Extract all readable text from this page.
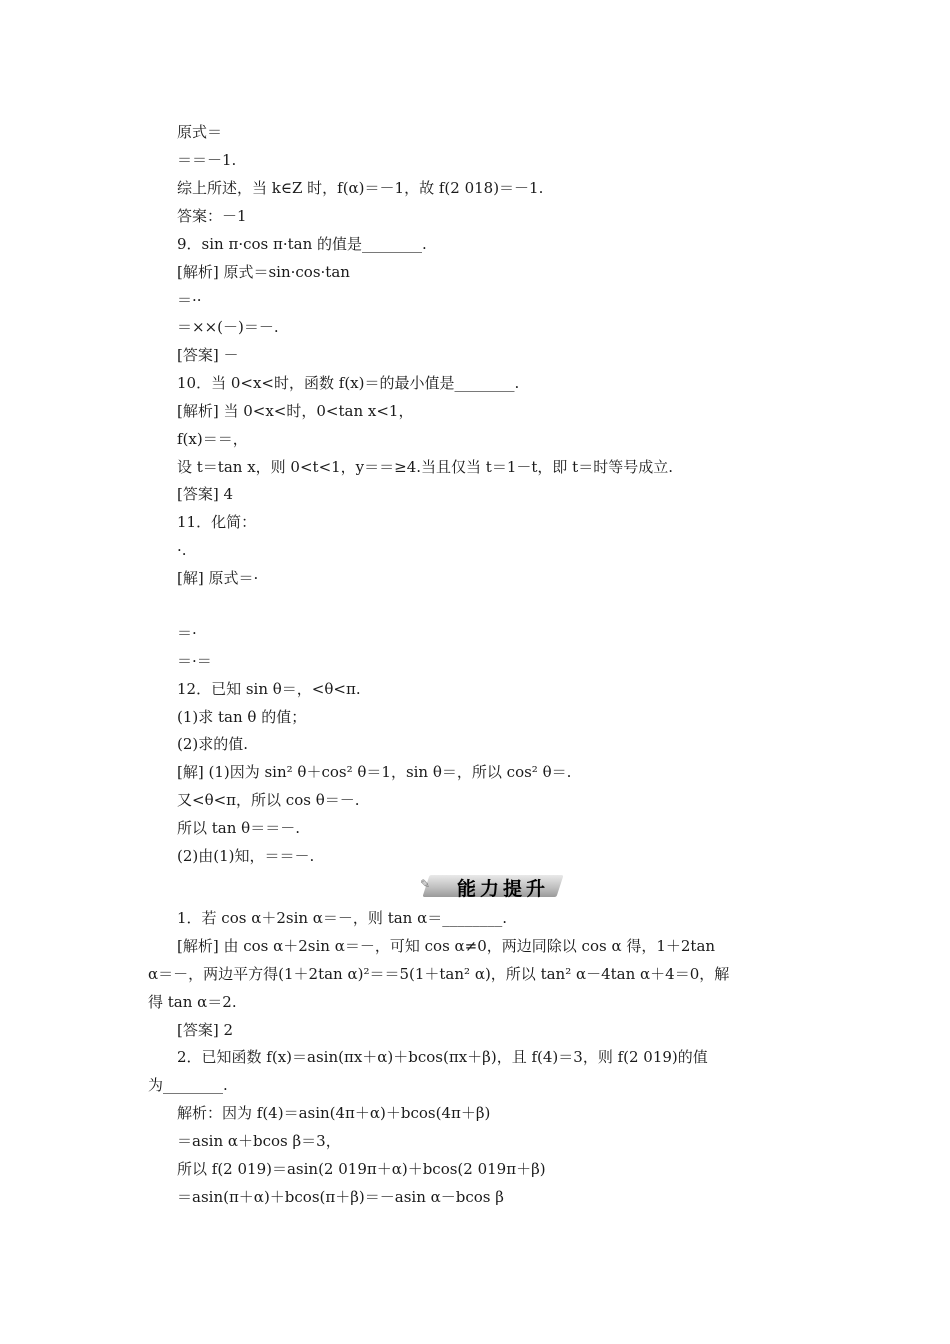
原式＝
＝＝－1.
综上所述，当 k∈Z 时，f(α)＝－1，故 f(2 018)＝－1.
答案：－1
9．sin π·cos π·tan 的值是________.
[解析] 原式＝sin·cos·tan
＝··
＝××(－)＝－.
[答案] －
10．当 0<x<时，函数 f(x)＝的最小值是________.
[解析] 当 0<x<时，0<tan x<1，
f(x)＝＝，
设 t＝tan x，则 0<t<1，y＝＝≥4.当且仅当 t＝1－t，即 t＝时等号成立.
[答案] 4
11．化简：
·.
[解] 原式＝·
＝·
＝·＝
12．已知 sin θ＝，<θ<π.
(1)求 tan θ 的值；
(2)求的值.
[解] (1)因为 sin² θ＋cos² θ＝1，sin θ＝，所以 cos² θ＝.
又<θ<π，所以 cos θ＝－.
所以 tan θ＝＝－.
(2)由(1)知，＝＝－.
✎	能力提升
1．若 cos α＋2sin α＝－，则 tan α＝________.
[解析] 由 cos α＋2sin α＝－，可知 cos α≠0，两边同除以 cos α 得，1＋2tan
α＝－，两边平方得(1＋2tan α)²＝＝5(1＋tan² α)，所以 tan² α－4tan α＋4＝0，解
得 tan α＝2.
[答案] 2
2．已知函数 f(x)＝asin(πx＋α)＋bcos(πx＋β)，且 f(4)＝3，则 f(2 019)的值
为________.
解析：因为 f(4)＝asin(4π＋α)＋bcos(4π＋β)
＝asin α＋bcos β＝3，
所以 f(2 019)＝asin(2 019π＋α)＋bcos(2 019π＋β)
＝asin(π＋α)＋bcos(π＋β)＝－asin α－bcos β
